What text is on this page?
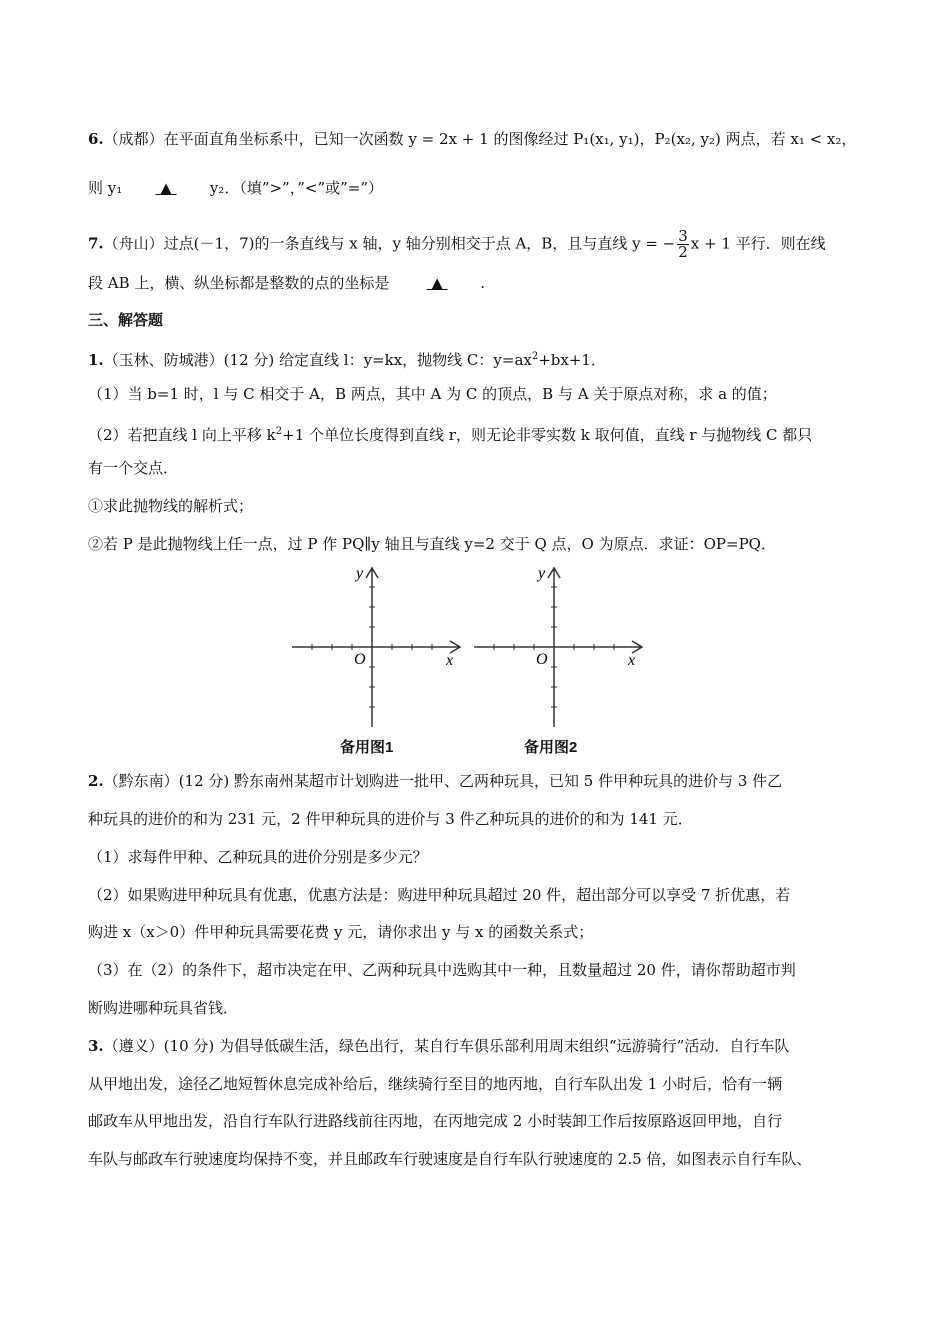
6.（成都）在平面直角坐标系中，已知一次函数 y = 2x + 1 的图像经过 P₁(x₁, y₁)，P₂(x₂, y₂) 两点，若 x₁ < x₂，
则 y₁	▲	y₂．（填”>”，”<”或”=”）
7.（舟山）过点(－1，7)的一条直线与 x 轴，y 轴分别相交于点 A，B，且与直线 y = − $\frac{3}{2}$ x + 1 平行．则在线
段 AB 上，横、纵坐标都是整数的点的坐标是	▲ .
三、解答题
1.（玉林、防城港）(12 分) 给定直线 l：y=kx，抛物线 C：$y=ax^2+bx+1$．
（1）当 b=1 时，l 与 C 相交于 A，B 两点，其中 A 为 C 的顶点，B 与 A 关于原点对称，求 a 的值；
（2）若把直线 l 向上平移 $k^2+1$ 个单位长度得到直线 r，则无论非零实数 k 取何值，直线 r 与抛物线 C 都只
有一个交点．
①求此抛物线的解析式；
②若 P 是此抛物线上任一点，过 P 作 PQ∥y 轴且与直线 y=2 交于 Q 点，O 为原点．求证：OP=PQ．
y
x
O
备用图1
y
x
O
备用图2
2.（黔东南）(12 分) 黔东南州某超市计划购进一批甲、乙两种玩具，已知 5 件甲种玩具的进价与 3 件乙
种玩具的进价的和为 231 元，2 件甲种玩具的进价与 3 件乙种玩具的进价的和为 141 元．
（1）求每件甲种、乙种玩具的进价分别是多少元？
（2）如果购进甲种玩具有优惠，优惠方法是：购进甲种玩具超过 20 件，超出部分可以享受 7 折优惠，若
购进 x（x＞0）件甲种玩具需要花费 y 元，请你求出 y 与 x 的函数关系式；
（3）在（2）的条件下，超市决定在甲、乙两种玩具中选购其中一种，且数量超过 20 件，请你帮助超市判
断购进哪种玩具省钱．
3.（遵义）(10 分) 为倡导低碳生活，绿色出行，某自行车俱乐部利用周末组织“远游骑行”活动．自行车队
从甲地出发，途径乙地短暂休息完成补给后，继续骑行至目的地丙地，自行车队出发 1 小时后，恰有一辆
邮政车从甲地出发，沿自行车队行进路线前往丙地，在丙地完成 2 小时装卸工作后按原路返回甲地，自行
车队与邮政车行驶速度均保持不变，并且邮政车行驶速度是自行车队行驶速度的 2.5 倍，如图表示自行车队、
